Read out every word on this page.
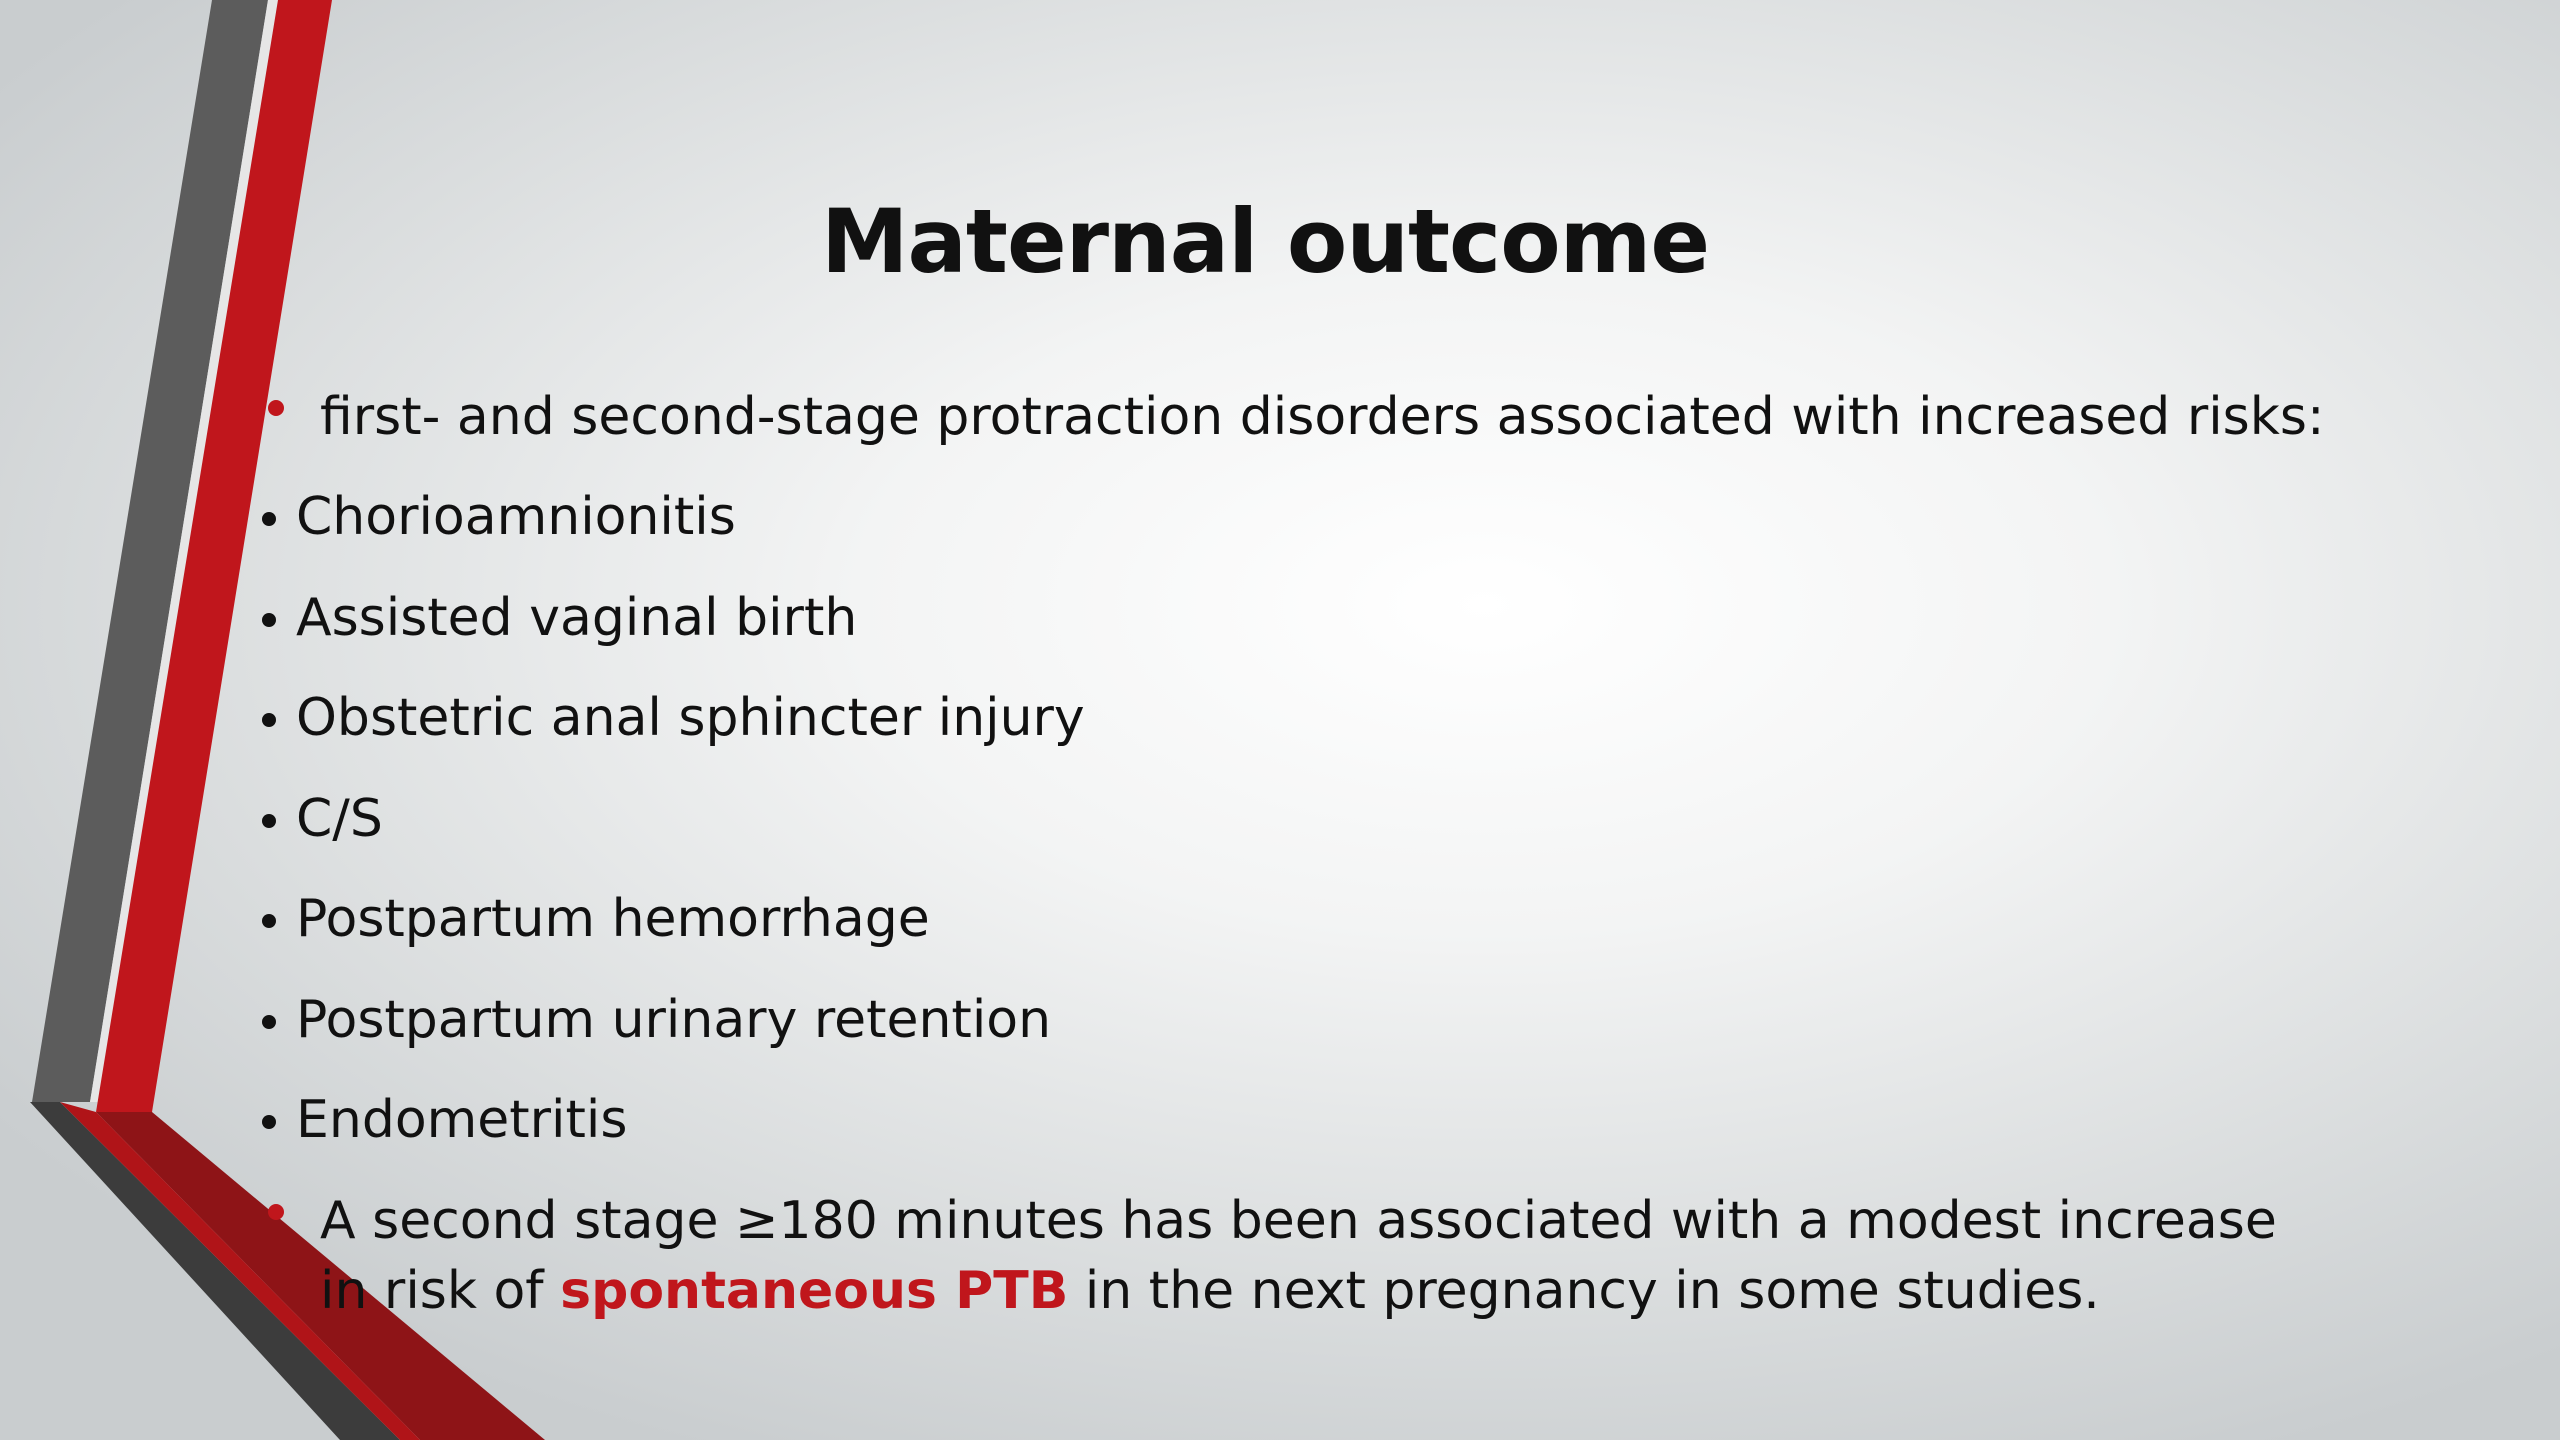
Maternal outcome

first- and second-stage protraction disorders associated with increased risks:

Chorioamnionitis
Assisted vaginal birth
Obstetric anal sphincter injury
C/S
Postpartum hemorrhage
Postpartum urinary retention
Endometritis

A second stage ≥180 minutes has been associated with a modest increase in risk of spontaneous PTB in the next pregnancy in some studies.
